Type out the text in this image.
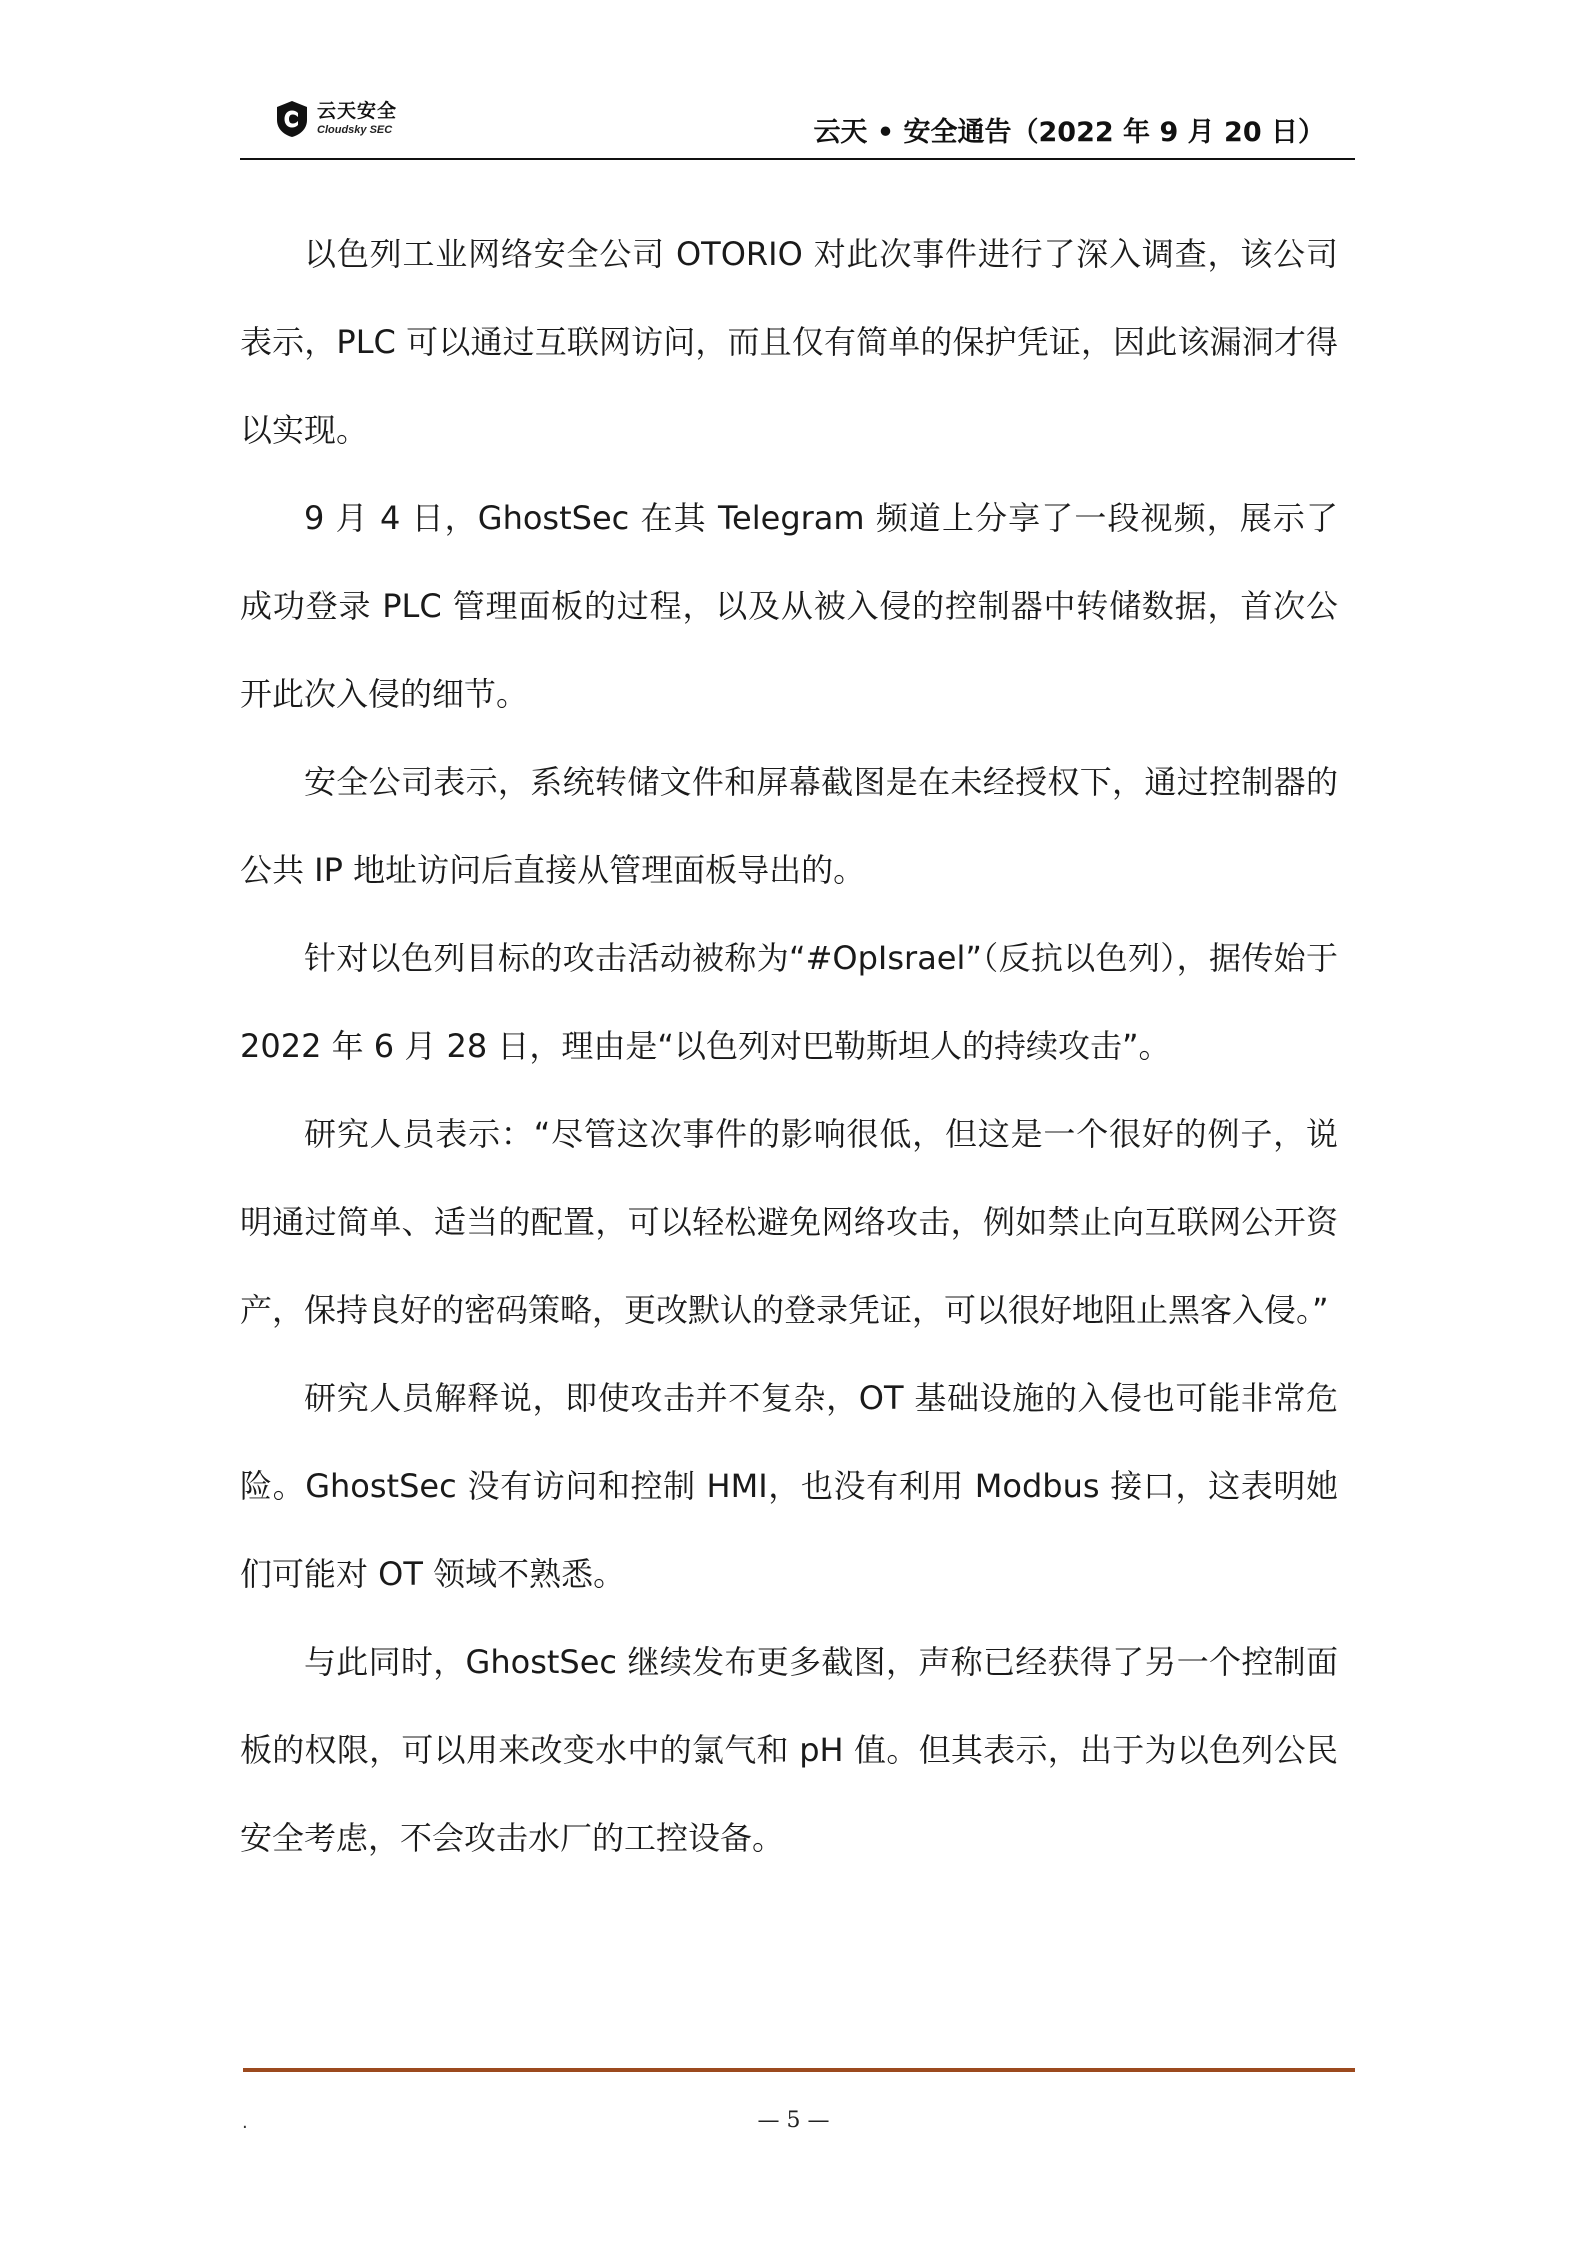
云天安全
Cloudsky SEC	云天 • 安全通告（2022 年 9 月 20 日）

以色列工业网络安全公司 OTORIO 对此次事件进行了深入调查，该公司表示，PLC 可以通过互联网访问，而且仅有简单的保护凭证，因此该漏洞才得以实现。

9 月 4 日，GhostSec 在其 Telegram 频道上分享了一段视频，展示了成功登录 PLC 管理面板的过程，以及从被入侵的控制器中转储数据，首次公开此次入侵的细节。

安全公司表示，系统转储文件和屏幕截图是在未经授权下，通过控制器的公共 IP 地址访问后直接从管理面板导出的。

针对以色列目标的攻击活动被称为“#OpIsrael”（反抗以色列），据传始于 2022 年 6 月 28 日，理由是“以色列对巴勒斯坦人的持续攻击”。

研究人员表示：“尽管这次事件的影响很低，但这是一个很好的例子，说明通过简单、适当的配置，可以轻松避免网络攻击，例如禁止向互联网公开资产，保持良好的密码策略，更改默认的登录凭证，可以很好地阻止黑客入侵。”

研究人员解释说，即使攻击并不复杂，OT 基础设施的入侵也可能非常危险。GhostSec 没有访问和控制 HMI，也没有利用 Modbus 接口，这表明她们可能对 OT 领域不熟悉。

与此同时，GhostSec 继续发布更多截图，声称已经获得了另一个控制面板的权限，可以用来改变水中的氯气和 pH 值。但其表示，出于为以色列公民安全考虑，不会攻击水厂的工控设备。

.	— 5 —
